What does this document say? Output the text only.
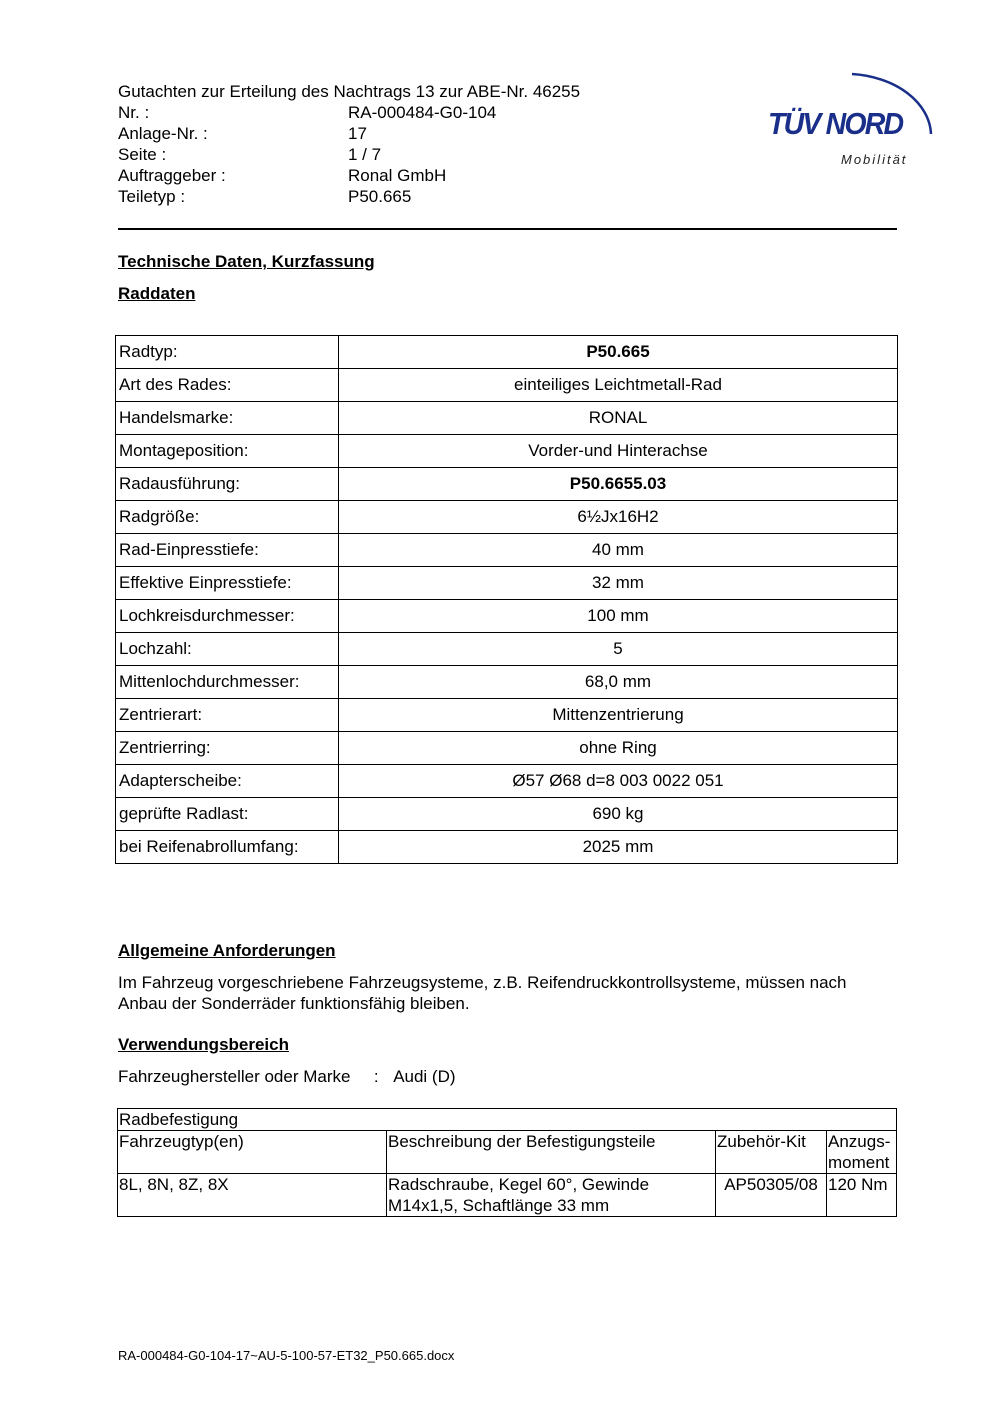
Gutachten zur Erteilung des Nachtrags 13 zur ABE-Nr. 46255
Nr. :	RA-000484-G0-104
Anlage-Nr. :	17
Seite :	1 / 7
Auftraggeber :	Ronal GmbH
Teiletyp :	P50.665
TÜV NORD
Mobilität
Technische Daten, Kurzfassung
Raddaten
Radtyp:	P50.665
Art des Rades:	einteiliges Leichtmetall-Rad
Handelsmarke:	RONAL
Montageposition:	Vorder-und Hinterachse
Radausführung:	P50.6655.03
Radgröße:	6½Jx16H2
Rad-Einpresstiefe:	40 mm
Effektive Einpresstiefe:	32 mm
Lochkreisdurchmesser:	100 mm
Lochzahl:	5
Mittenlochdurchmesser:	68,0 mm
Zentrierart:	Mittenzentrierung
Zentrierring:	ohne Ring
Adapterscheibe:	Ø57 Ø68 d=8 003 0022 051
geprüfte Radlast:	690 kg
bei Reifenabrollumfang:	2025 mm
Allgemeine Anforderungen
Im Fahrzeug vorgeschriebene Fahrzeugsysteme, z.B. Reifendruckkontrollsysteme, müssen nach Anbau der Sonderräder funktionsfähig bleiben.
Verwendungsbereich
Fahrzeughersteller oder Marke : Audi (D)
Radbefestigung			
Fahrzeugtyp(en)	Beschreibung der Befestigungsteile	Zubehör-Kit	Anzugs-
moment
8L, 8N, 8Z, 8X	Radschraube, Kegel 60°, Gewinde M14x1,5, Schaftlänge 33 mm	AP50305/08	120 Nm
RA-000484-G0-104-17~AU-5-100-57-ET32_P50.665.docx
